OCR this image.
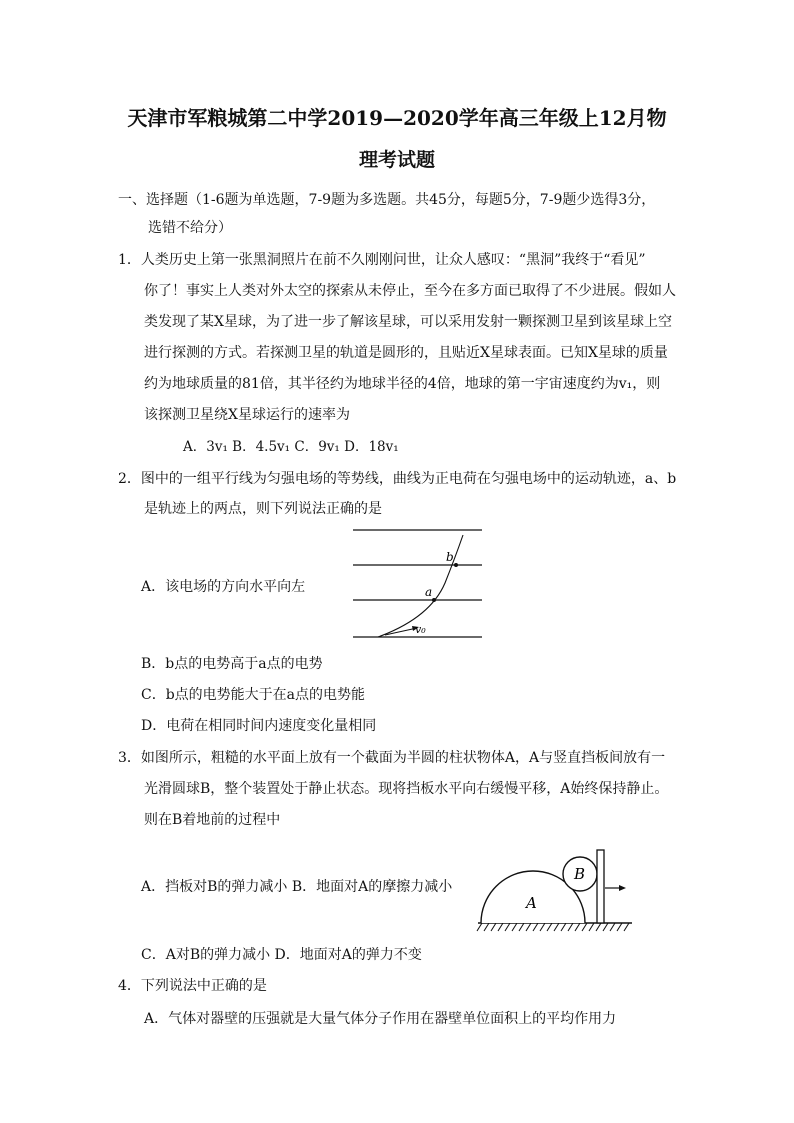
天津市军粮城第二中学2019—2020学年高三年级上12月物
理考试题
一、选择题（1-6题为单选题，7-9题为多选题。共45分，每题5分，7-9题少选得3分，
选错不给分）
1．人类历史上第一张黑洞照片在前不久刚刚问世，让众人感叹：“黑洞”我终于“看见”
你了！事实上人类对外太空的探索从未停止，至今在多方面已取得了不少进展。假如人
类发现了某X星球，为了进一步了解该星球，可以采用发射一颗探测卫星到该星球上空
进行探测的方式。若探测卫星的轨道是圆形的，且贴近X星球表面。已知X星球的质量
约为地球质量的81倍，其半径约为地球半径的4倍，地球的第一宇宙速度约为v₁，则
该探测卫星绕X星球运行的速率为
A．3v₁ B．4.5v₁ C．9v₁ D．18v₁
2．图中的一组平行线为匀强电场的等势线，曲线为正电荷在匀强电场中的运动轨迹，a、b
是轨迹上的两点，则下列说法正确的是
b
a
v₀
A．该电场的方向水平向左
B．b点的电势高于a点的电势
C．b点的电势能大于在a点的电势能
D．电荷在相同时间内速度变化量相同
3．如图所示，粗糙的水平面上放有一个截面为半圆的柱状物体A，A与竖直挡板间放有一
光滑圆球B，整个装置处于静止状态。现将挡板水平向右缓慢平移，A始终保持静止。
则在B着地前的过程中
A
B
A．挡板对B的弹力减小 B．地面对A的摩擦力减小
C．A对B的弹力减小 D．地面对A的弹力不变
4．下列说法中正确的是
A．气体对器壁的压强就是大量气体分子作用在器壁单位面积上的平均作用力
